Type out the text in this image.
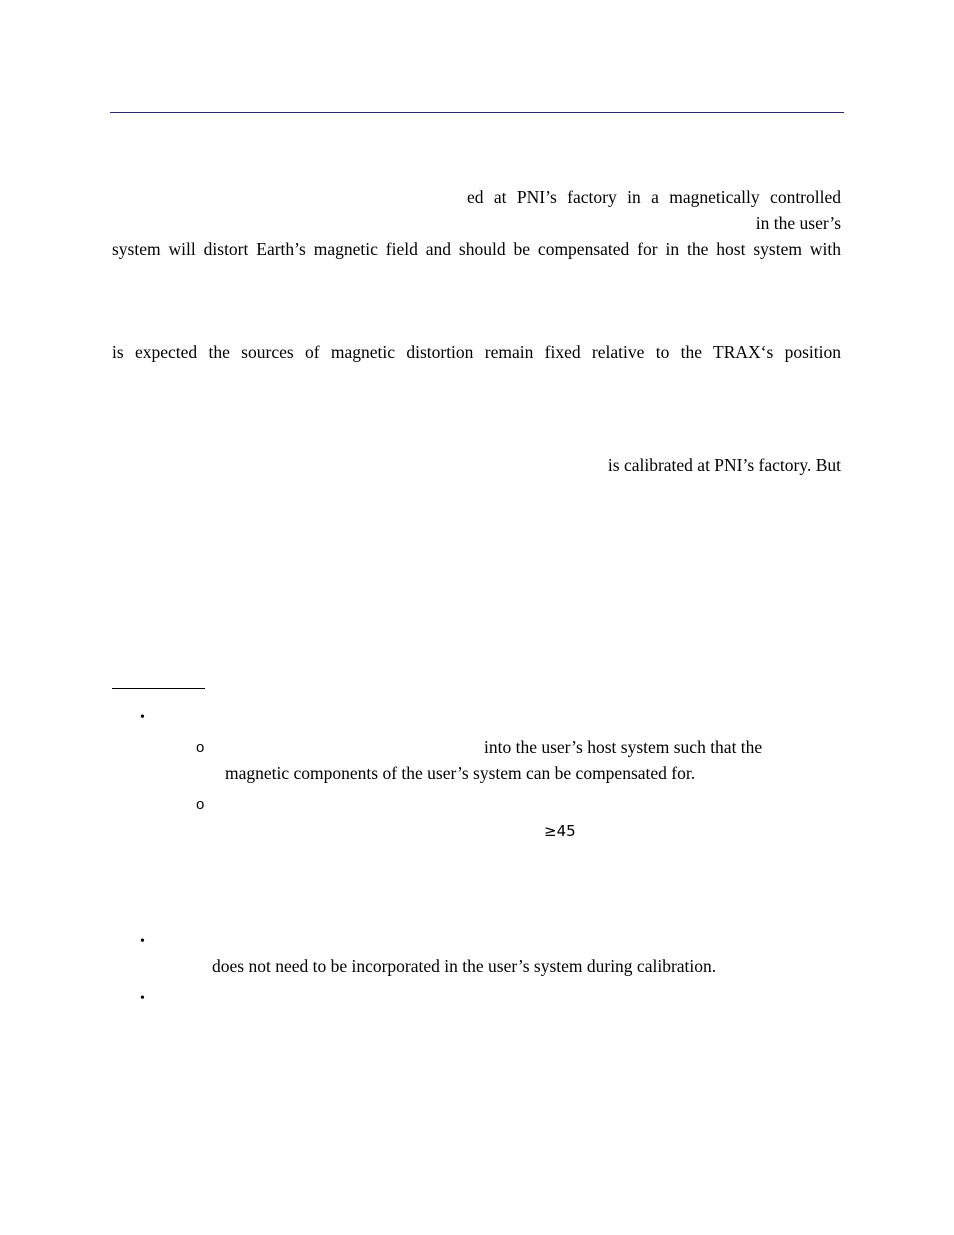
ed at PNI’s factory in a magnetically controlled
in the user’s
system will distort Earth’s magnetic field and should be compensated for in the host system with
is expected the sources of magnetic distortion remain fixed relative to the TRAX‘s position
is calibrated at PNI’s factory. But
•
o	into the user’s host system such that the
magnetic components of the user’s system can be compensated for.
o
≥45
•
does not need to be incorporated in the user’s system during calibration.
•
